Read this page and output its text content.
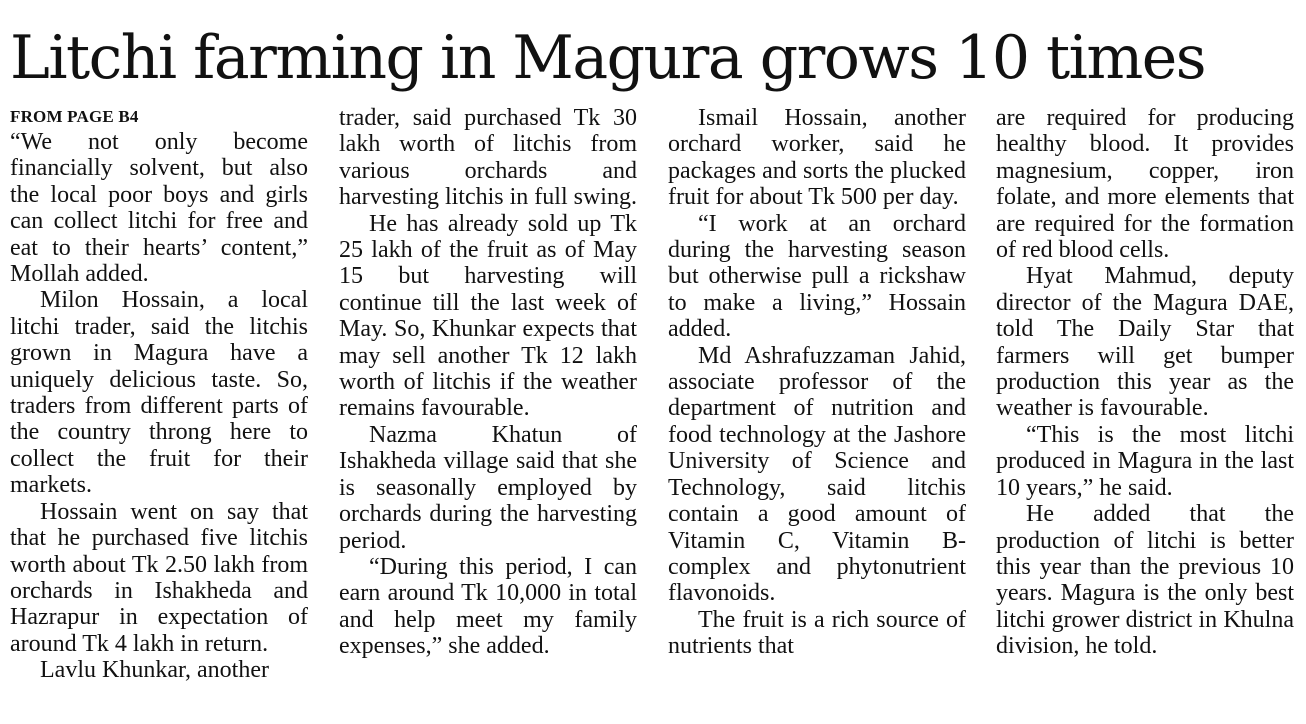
Litchi farming in Magura grows 10 times
FROM PAGE B4

“We not only become financially solvent, but also the local poor boys and girls can collect litchi for free and eat to their hearts’ content,” Mollah added.

Milon Hossain, a local litchi trader, said the litchis grown in Magura have a uniquely delicious taste. So, traders from different parts of the country throng here to collect the fruit for their markets.

Hossain went on say that that he purchased five litchis worth about Tk 2.50 lakh from orchards in Ishakheda and Hazrapur in expectation of around Tk 4 lakh in return.

Lavlu Khunkar, another

trader, said purchased Tk 30 lakh worth of litchis from various orchards and harvesting litchis in full swing.

He has already sold up Tk 25 lakh of the fruit as of May 15 but harvesting will continue till the last week of May. So, Khunkar expects that may sell another Tk 12 lakh worth of litchis if the weather remains favourable.

Nazma Khatun of Ishakheda village said that she is seasonally employed by orchards during the harvesting period.

“During this period, I can earn around Tk 10,000 in total and help meet my family expenses,” she added.

Ismail Hossain, another orchard worker, said he packages and sorts the plucked fruit for about Tk 500 per day.

“I work at an orchard during the harvesting season but otherwise pull a rickshaw to make a living,” Hossain added.

Md Ashrafuzzaman Jahid, associate professor of the department of nutrition and food technology at the Jashore University of Science and Technology, said litchis contain a good amount of Vitamin C, Vitamin B-complex and phytonutrient flavonoids.

The fruit is a rich source of nutrients that

are required for producing healthy blood. It provides magnesium, copper, iron folate, and more elements that are required for the formation of red blood cells.

Hyat Mahmud, deputy director of the Magura DAE, told The Daily Star that farmers will get bumper production this year as the weather is favourable.

“This is the most litchi produced in Magura in the last 10 years,” he said.

He added that the production of litchi is better this year than the previous 10 years. Magura is the only best litchi grower district in Khulna division, he told.
